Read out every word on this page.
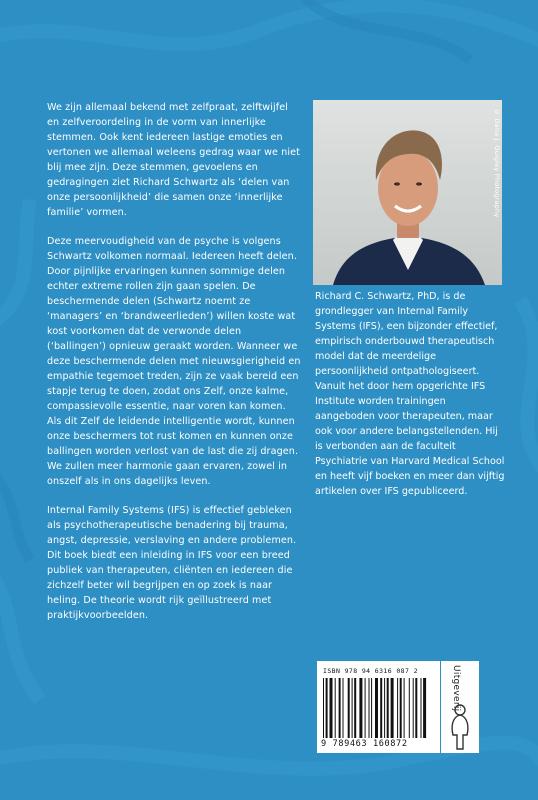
We zijn allemaal bekend met zelfpraat, zelftwijfel en zelfveroordeling in de vorm van innerlijke stemmen. Ook kent iedereen lastige emoties en vertonen we allemaal weleens gedrag waar we niet blij mee zijn. Deze stemmen, gevoelens en gedragingen ziet Richard Schwartz als ‘delen van onze persoonlijkheid’ die samen onze ‘innerlijke familie’ vormen.

Deze meervoudigheid van de psyche is volgens Schwartz volkomen normaal. Iedereen heeft delen. Door pijnlijke ervaringen kunnen sommige delen echter extreme rollen zijn gaan spelen. De beschermende delen (Schwartz noemt ze ‘managers’ en ‘brandweerlieden’) willen koste wat kost voorkomen dat de verwonde delen (‘ballingen’) opnieuw geraakt worden. Wanneer we deze beschermende delen met nieuwsgierigheid en empathie tegemoet treden, zijn ze vaak bereid een stapje terug te doen, zodat ons Zelf, onze kalme, compassievolle essentie, naar voren kan komen. Als dit Zelf de leidende intelligentie wordt, kunnen onze beschermers tot rust komen en kunnen onze ballingen worden verlost van de last die zij dragen. We zullen meer harmonie gaan ervaren, zowel in onszelf als in ons dagelijks leven.

Internal Family Systems (IFS) is effectief gebleken als psychotherapeutische benadering bij trauma, angst, depressie, verslaving en andere problemen. Dit boek biedt een inleiding in IFS voor een breed publiek van therapeuten, cliënten en iedereen die zichzelf beter wil begrijpen en op zoek is naar heling. De theorie wordt rijk geïllustreerd met praktijkvoorbeelden.

© Dana J. Quigley Photography
Richard C. Schwartz, PhD, is de grondlegger van Internal Family Systems (IFS), een bijzonder effectief, empirisch onderbouwd therapeutisch model dat de meerdelige persoonlijkheid ontpathologiseert. Vanuit het door hem opgerichte IFS Institute worden trainingen aangeboden voor therapeuten, maar ook voor andere belangstellenden. Hij is verbonden aan de faculteit Psychiatrie van Harvard Medical School en heeft vijf boeken en meer dan vijftig artikelen over IFS gepubliceerd.
ISBN 978 94 6316 087 2
9 789463 160872
Uitgeverij
